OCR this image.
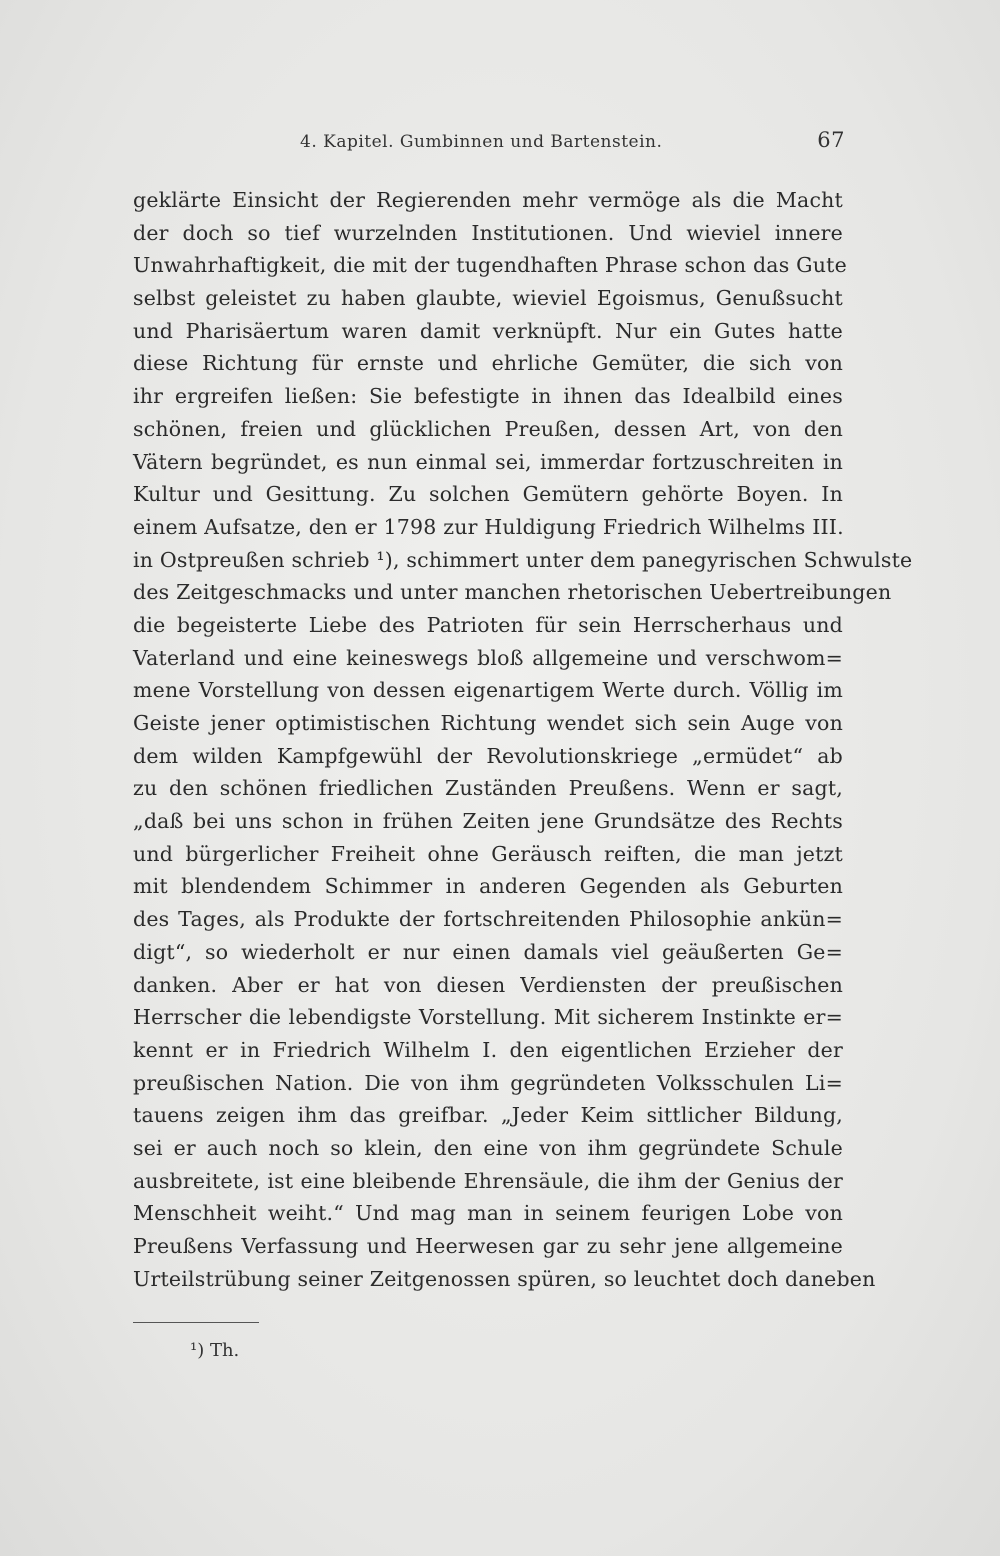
4. Kapitel. Gumbinnen und Bartenstein.	67
geklärte Einsicht der Regierenden mehr vermöge als die Macht
der doch so tief wurzelnden Institutionen. Und wieviel innere
Unwahrhaftigkeit, die mit der tugendhaften Phrase schon das Gute
selbst geleistet zu haben glaubte, wieviel Egoismus, Genußsucht
und Pharisäertum waren damit verknüpft. Nur ein Gutes hatte
diese Richtung für ernste und ehrliche Gemüter, die sich von
ihr ergreifen ließen: Sie befestigte in ihnen das Idealbild eines
schönen, freien und glücklichen Preußen, dessen Art, von den
Vätern begründet, es nun einmal sei, immerdar fortzuschreiten in
Kultur und Gesittung. Zu solchen Gemütern gehörte Boyen. In
einem Aufsatze, den er 1798 zur Huldigung Friedrich Wilhelms III.
in Ostpreußen schrieb ¹), schimmert unter dem panegyrischen Schwulste
des Zeitgeschmacks und unter manchen rhetorischen Uebertreibungen
die begeisterte Liebe des Patrioten für sein Herrscherhaus und
Vaterland und eine keineswegs bloß allgemeine und verschwom=
mene Vorstellung von dessen eigenartigem Werte durch. Völlig im
Geiste jener optimistischen Richtung wendet sich sein Auge von
dem wilden Kampfgewühl der Revolutionskriege „ermüdet“ ab
zu den schönen friedlichen Zuständen Preußens. Wenn er sagt,
„daß bei uns schon in frühen Zeiten jene Grundsätze des Rechts
und bürgerlicher Freiheit ohne Geräusch reiften, die man jetzt
mit blendendem Schimmer in anderen Gegenden als Geburten
des Tages, als Produkte der fortschreitenden Philosophie ankün=
digt“, so wiederholt er nur einen damals viel geäußerten Ge=
danken. Aber er hat von diesen Verdiensten der preußischen
Herrscher die lebendigste Vorstellung. Mit sicherem Instinkte er=
kennt er in Friedrich Wilhelm I. den eigentlichen Erzieher der
preußischen Nation. Die von ihm gegründeten Volksschulen Li=
tauens zeigen ihm das greifbar. „Jeder Keim sittlicher Bildung,
sei er auch noch so klein, den eine von ihm gegründete Schule
ausbreitete, ist eine bleibende Ehrensäule, die ihm der Genius der
Menschheit weiht.“ Und mag man in seinem feurigen Lobe von
Preußens Verfassung und Heerwesen gar zu sehr jene allgemeine
Urteilstrübung seiner Zeitgenossen spüren, so leuchtet doch daneben
¹) Th.
